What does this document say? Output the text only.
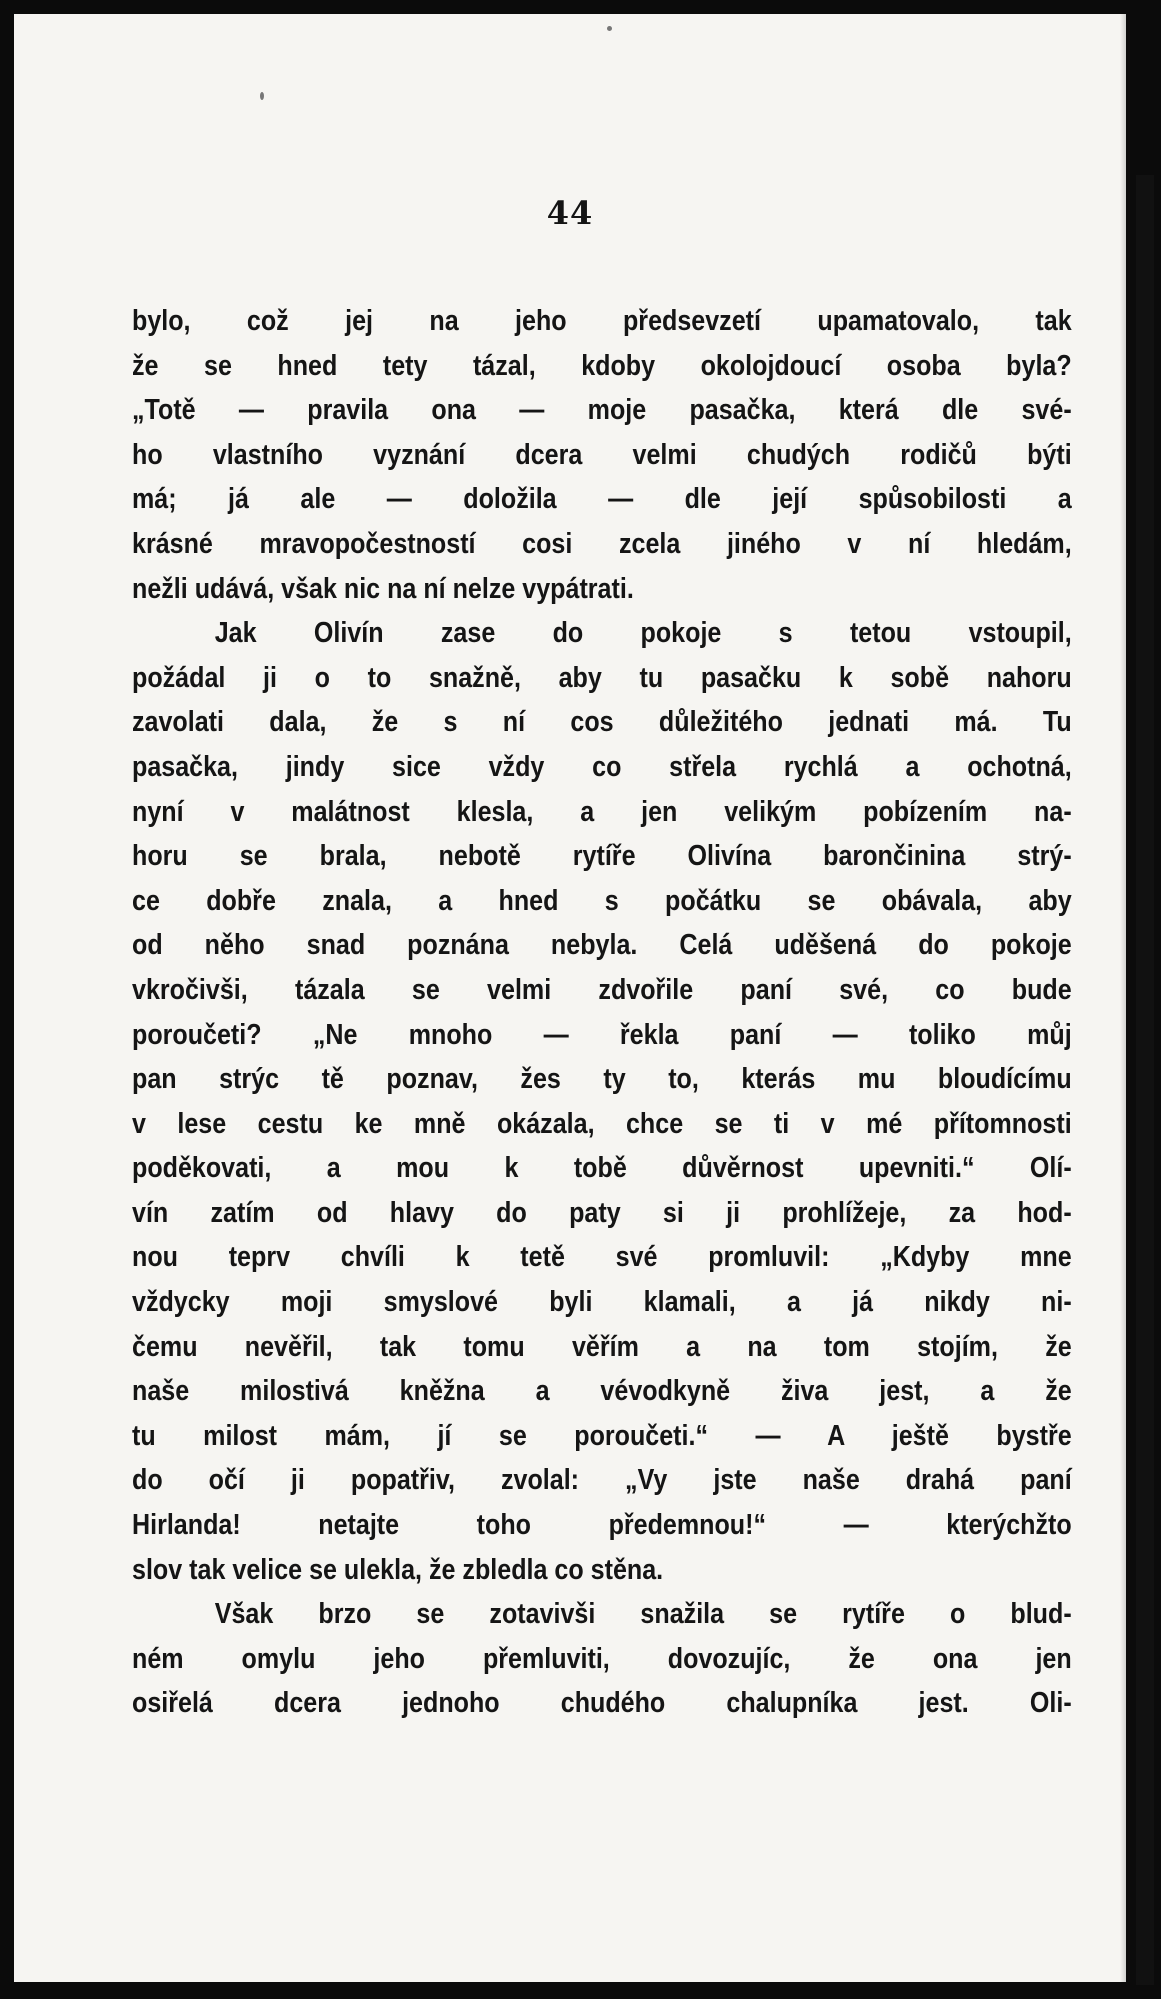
44
bylo, což jej na jeho předsevzetí upamatovalo, tak
že se hned tety tázal, kdoby okolojdoucí osoba byla?
„Totě — pravila ona — moje pasačka, která dle své-
ho vlastního vyznání dcera velmi chudých rodičů býti
má; já ale — doložila — dle její spůsobilosti a
krásné mravopočestností cosi zcela jiného v ní hledám,
nežli udává, však nic na ní nelze vypátrati.
Jak Olivín zase do pokoje s tetou vstoupil,
požádal ji o to snažně, aby tu pasačku k sobě nahoru
zavolati dala, že s ní cos důležitého jednati má. Tu
pasačka, jindy sice vždy co střela rychlá a ochotná,
nyní v malátnost klesla, a jen velikým pobízením na-
horu se brala, nebotě rytíře Olivína barončinina strý-
ce dobře znala, a hned s počátku se obávala, aby
od něho snad poznána nebyla. Celá uděšená do pokoje
vkročivši, tázala se velmi zdvořile paní své, co bude
poroučeti? „Ne mnoho — řekla paní — toliko můj
pan strýc tě poznav, žes ty to, kterás mu bloudícímu
v lese cestu ke mně okázala, chce se ti v mé přítomnosti
poděkovati, a mou k tobě důvěrnost upevniti.“ Olí-
vín zatím od hlavy do paty si ji prohlížeje, za hod-
nou teprv chvíli k tetě své promluvil: „Kdyby mne
vždycky moji smyslové byli klamali, a já nikdy ni-
čemu nevěřil, tak tomu věřím a na tom stojím, že
naše milostivá kněžna a vévodkyně živa jest, a že
tu milost mám, jí se poroučeti.“ — A ještě bystře
do očí ji popatřiv, zvolal: „Vy jste naše drahá paní
Hirlanda! netajte toho předemnou!“ — kterýchžto
slov tak velice se ulekla, že zbledla co stěna.
Však brzo se zotavivši snažila se rytíře o blud-
ném omylu jeho přemluviti, dovozujíc, že ona jen
osiřelá dcera jednoho chudého chalupníka jest. Oli-
